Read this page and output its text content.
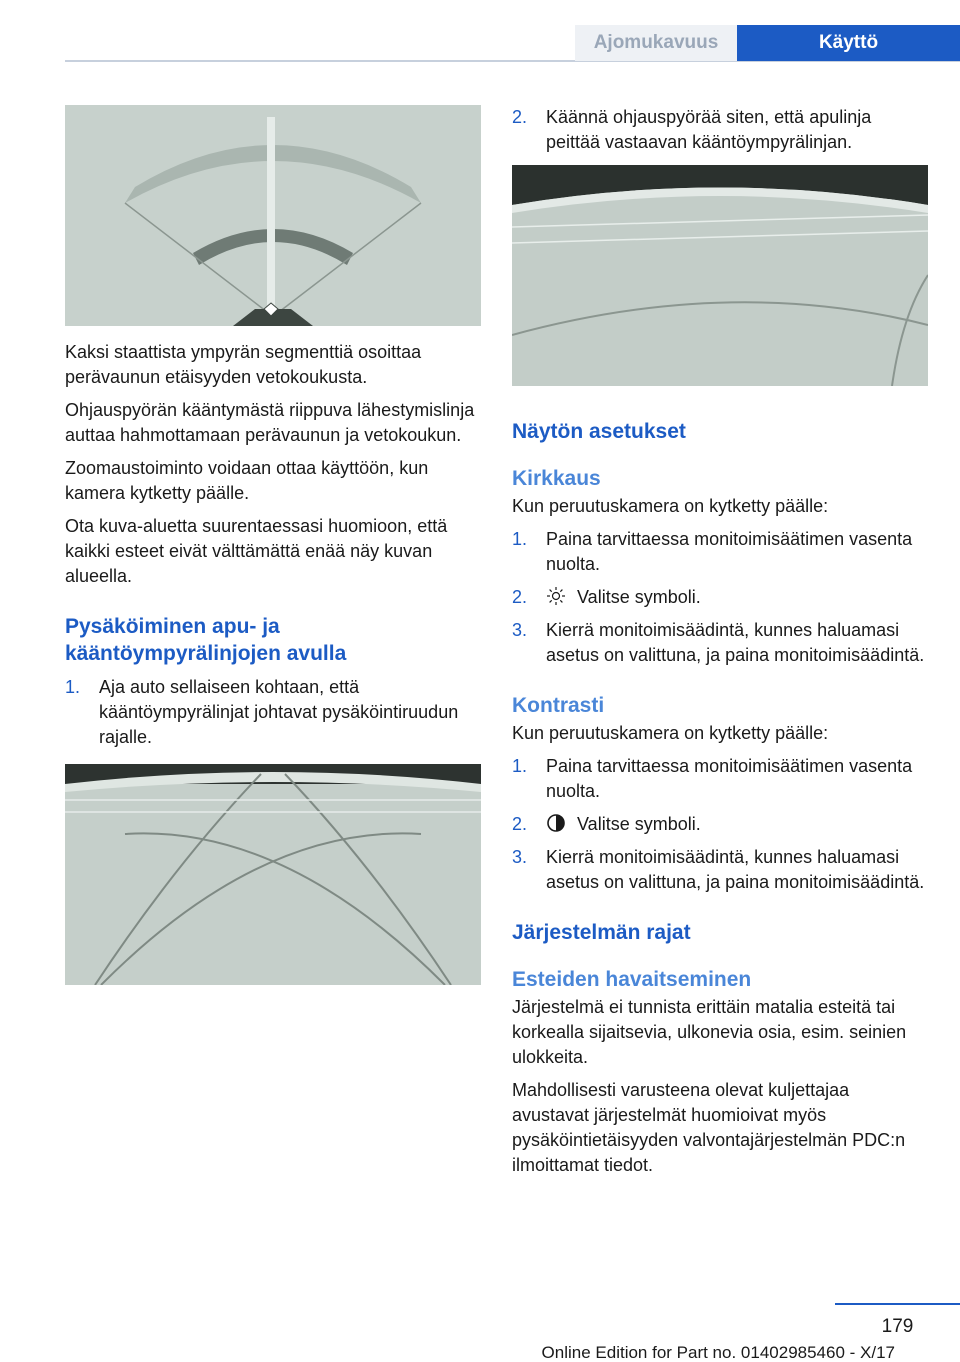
Ajomukavuus	Käyttö

Kaksi staattista ympyrän segmenttiä osoittaa perävaunun etäisyyden vetokoukusta.

Ohjauspyörän kääntymästä riippuva lähestymislinja auttaa hahmottamaan perävaunun ja vetokoukun.

Zoomaustoiminto voidaan ottaa käyttöön, kun kamera kytketty päälle.

Ota kuva-aluetta suurentaessasi huomioon, että kaikki esteet eivät välttämättä enää näy kuvan alueella.

Pysäköiminen apu- ja kääntöympyrälinjojen avulla
1. Aja auto sellaiseen kohtaan, että kääntöympyrälinjat johtavat pysäköintiruudun rajalle.
2. Käännä ohjauspyörää siten, että apulinja peittää vastaavan kääntöympyrälinjan.
Näytön asetukset
Kirkkaus

Kun peruutuskamera on kytketty päälle:

1. Paina tarvittaessa monitoimisäätimen vasenta nuolta.
2.	Valitse symboli.
3. Kierrä monitoimisäädintä, kunnes haluamasi asetus on valittuna, ja paina monitoimisäädintä.
Kontrasti

Kun peruutuskamera on kytketty päälle:

1. Paina tarvittaessa monitoimisäätimen vasenta nuolta.
2.	Valitse symboli.
3. Kierrä monitoimisäädintä, kunnes haluamasi asetus on valittuna, ja paina monitoimisäädintä.
Järjestelmän rajat
Esteiden havaitseminen

Järjestelmä ei tunnista erittäin matalia esteitä tai korkealla sijaitsevia, ulkonevia osia, esim. seinien ulokkeita.

Mahdollisesti varusteena olevat kuljettajaa avustavat järjestelmät huomioivat myös pysäköintietäisyyden valvontajärjestelmän PDC:n ilmoittamat tiedot.

179
Online Edition for Part no. 01402985460 - X/17
